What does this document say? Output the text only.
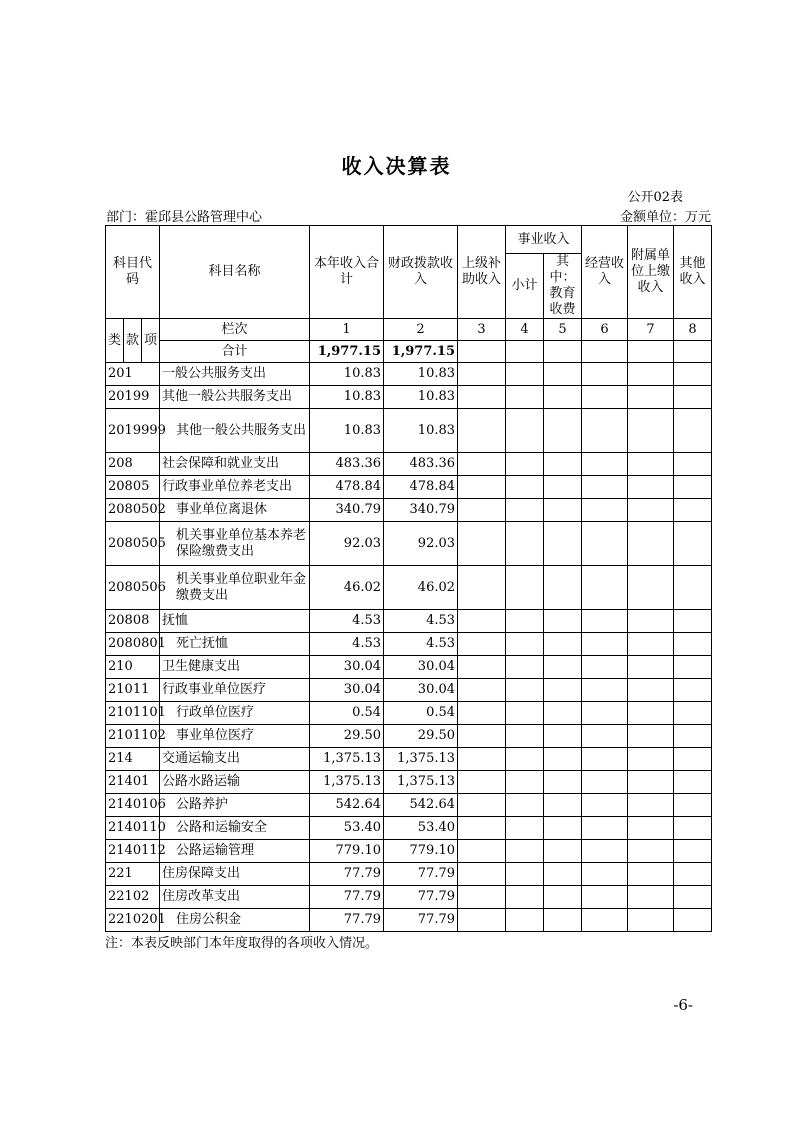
收入决算表
公开02表
部门：霍邱县公路管理中心	金额单位：万元
科目代码			科目名称	本年收入合计	财政拨款收入	上级补助收入	事业收入		经营收入	附属单位上缴收入	其他收入
							小计	其中：教育收费			
类	款	项	栏次	1	2	3	4	5	6	7	8
			合计	1,977.15	1,977.15						
201			一般公共服务支出	10.83	10.83						
20199			其他一般公共服务支出	10.83	10.83						
2019999			其他一般公共服务支出	10.83	10.83						
208			社会保障和就业支出	483.36	483.36						
20805			行政事业单位养老支出	478.84	478.84						
2080502			事业单位离退休	340.79	340.79						
2080505			机关事业单位基本养老保险缴费支出	92.03	92.03						
2080506			机关事业单位职业年金缴费支出	46.02	46.02						
20808			抚恤	4.53	4.53						
2080801			死亡抚恤	4.53	4.53						
210			卫生健康支出	30.04	30.04						
21011			行政事业单位医疗	30.04	30.04						
2101101			行政单位医疗	0.54	0.54						
2101102			事业单位医疗	29.50	29.50						
214			交通运输支出	1,375.13	1,375.13						
21401			公路水路运输	1,375.13	1,375.13						
2140106			公路养护	542.64	542.64						
2140110			公路和运输安全	53.40	53.40						
2140112			公路运输管理	779.10	779.10						
221			住房保障支出	77.79	77.79						
22102			住房改革支出	77.79	77.79						
2210201			住房公积金	77.79	77.79						
注：本表反映部门本年度取得的各项收入情况。
-6-
